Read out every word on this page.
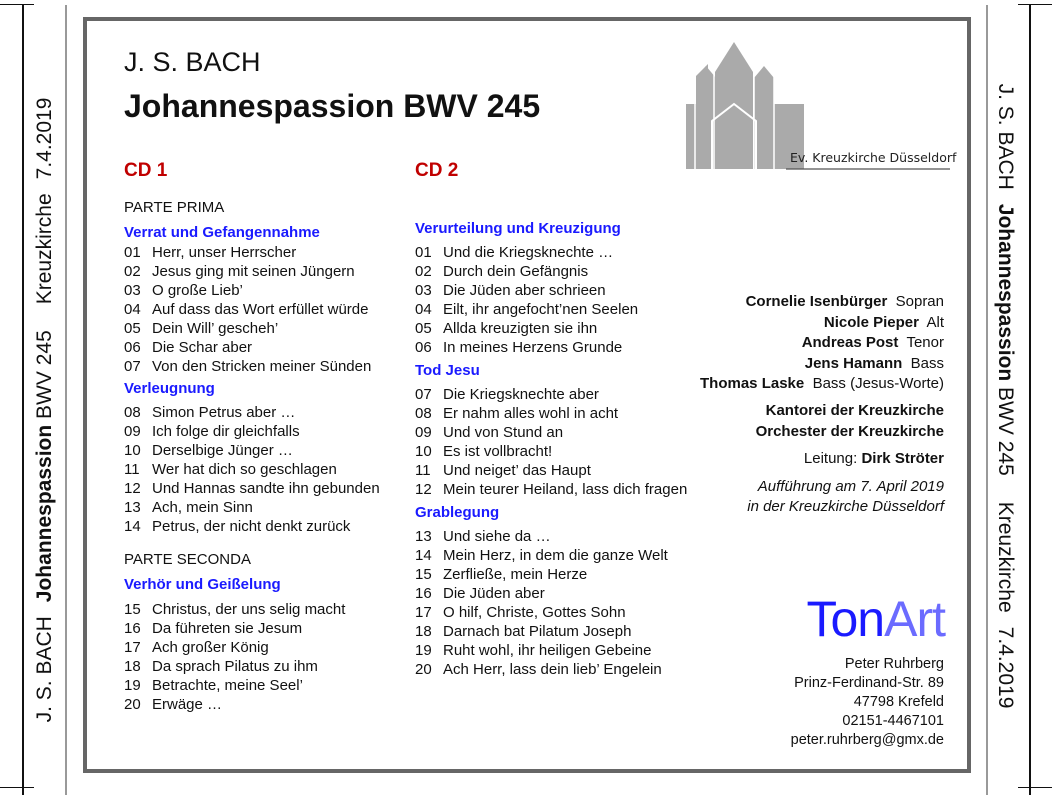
J. S. BACHJohannespassion BWV 245Kreuzkirche7.4.2019	J. S. BACHJohannespassion BWV 245Kreuzkirche7.4.2019
J. S. BACH
Johannespassion BWV 245
Ev. Kreuzkirche Düsseldorf
CD 1
PARTE PRIMA
Verrat und Gefangennahme
01 Herr, unser Herrscher
02 Jesus ging mit seinen Jüngern
03 O große Lieb’
04 Auf dass das Wort erfüllet würde
05 Dein Will’ gescheh’
06 Die Schar aber
07 Von den Stricken meiner Sünden
Verleugnung
08 Simon Petrus aber …
09 Ich folge dir gleichfalls
10 Derselbige Jünger …
11 Wer hat dich so geschlagen
12 Und Hannas sandte ihn gebunden
13 Ach, mein Sinn
14 Petrus, der nicht denkt zurück
PARTE SECONDA
Verhör und Geißelung
15 Christus, der uns selig macht
16 Da führeten sie Jesum
17 Ach großer König
18 Da sprach Pilatus zu ihm
19 Betrachte, meine Seel’
20 Erwäge …
CD 2
Verurteilung und Kreuzigung
01 Und die Kriegsknechte …
02 Durch dein Gefängnis
03 Die Jüden aber schrieen
04 Eilt, ihr angefocht’nen Seelen
05 Allda kreuzigten sie ihn
06 In meines Herzens Grunde
Tod Jesu
07 Die Kriegsknechte aber
08 Er nahm alles wohl in acht
09 Und von Stund an
10 Es ist vollbracht!
11 Und neiget’ das Haupt
12 Mein teurer Heiland, lass dich fragen
Grablegung
13 Und siehe da …
14 Mein Herz, in dem die ganze Welt
15 Zerfließe, mein Herze
16 Die Jüden aber
17 O hilf, Christe, Gottes Sohn
18 Darnach bat Pilatum Joseph
19 Ruht wohl, ihr heiligen Gebeine
20 Ach Herr, lass dein lieb’ Engelein
Cornelie Isenbürger Sopran
Nicole Pieper Alt
Andreas Post Tenor
Jens Hamann Bass
Thomas Laske Bass (Jesus-Worte)
Kantorei der Kreuzkirche
Orchester der Kreuzkirche
Leitung: Dirk Ströter
Aufführung am 7. April 2019
in der Kreuzkirche Düsseldorf
TonArt
Peter Ruhrberg
Prinz-Ferdinand-Str. 89
47798 Krefeld
02151-4467101
peter.ruhrberg@gmx.de
